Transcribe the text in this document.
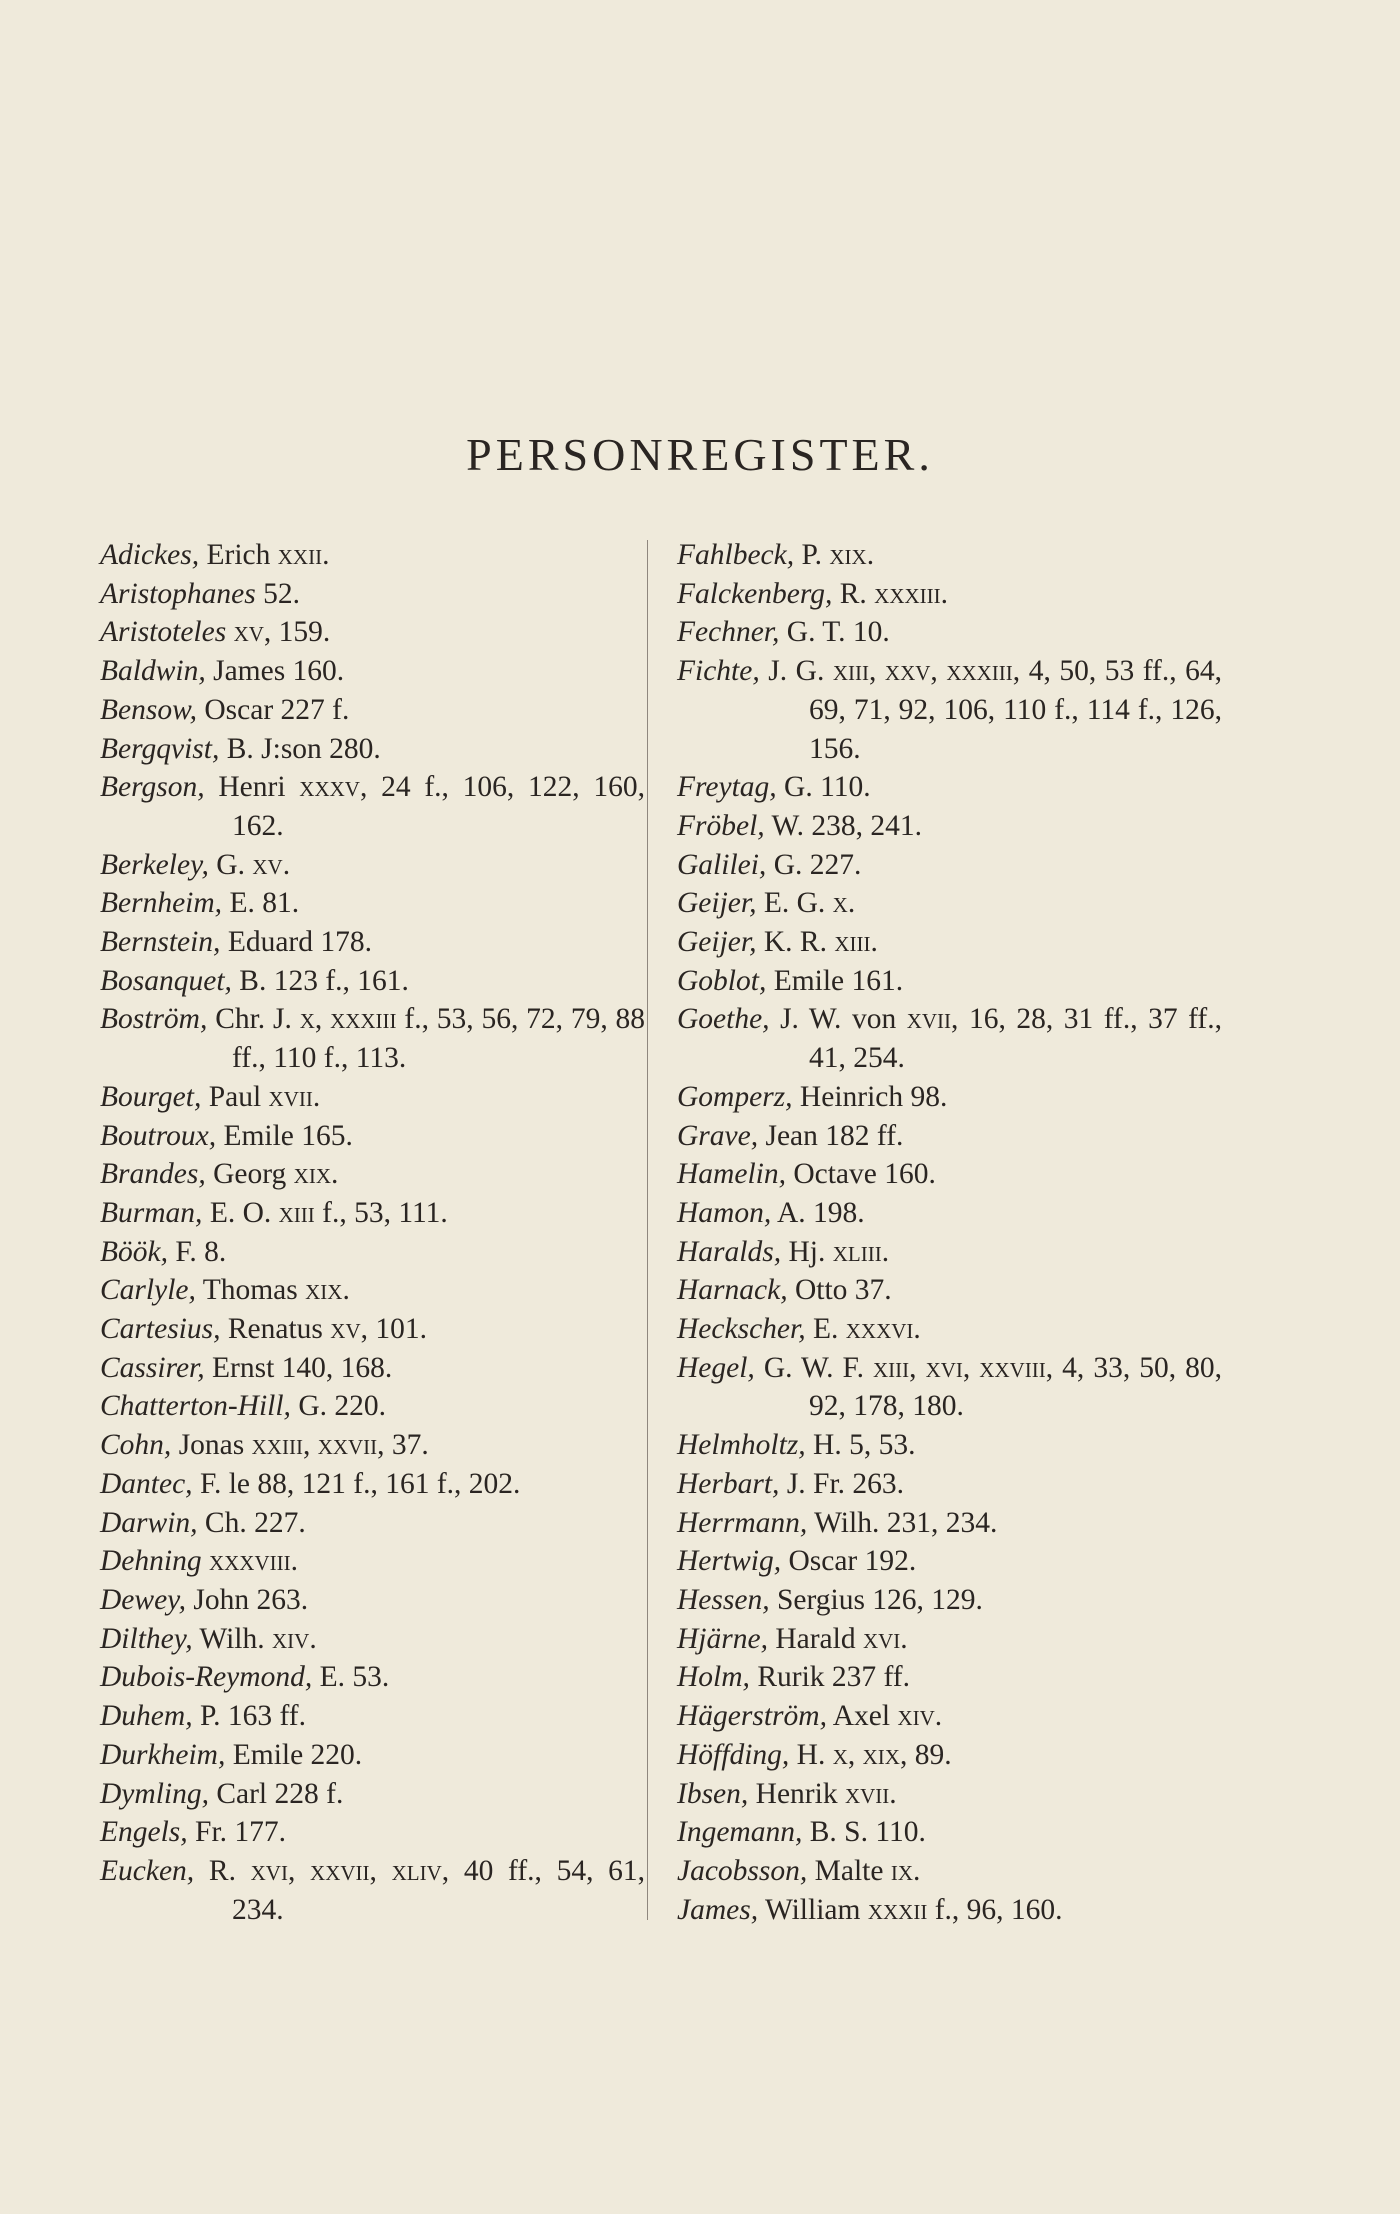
PERSONREGISTER.
Adickes, Erich xxii.
Aristophanes 52.
Aristoteles xv, 159.
Baldwin, James 160.
Bensow, Oscar 227 f.
Bergqvist, B. J:son 280.
Bergson, Henri xxxv, 24 f., 106, 122, 160, 162.
Berkeley, G. xv.
Bernheim, E. 81.
Bernstein, Eduard 178.
Bosanquet, B. 123 f., 161.
Boström, Chr. J. x, xxxiii f., 53, 56, 72, 79, 88 ff., 110 f., 113.
Bourget, Paul xvii.
Boutroux, Emile 165.
Brandes, Georg xix.
Burman, E. O. xiii f., 53, 111.
Böök, F. 8.
Carlyle, Thomas xix.
Cartesius, Renatus xv, 101.
Cassirer, Ernst 140, 168.
Chatterton-Hill, G. 220.
Cohn, Jonas xxiii, xxvii, 37.
Dantec, F. le 88, 121 f., 161 f., 202.
Darwin, Ch. 227.
Dehning xxxviii.
Dewey, John 263.
Dilthey, Wilh. xiv.
Dubois-Reymond, E. 53.
Duhem, P. 163 ff.
Durkheim, Emile 220.
Dymling, Carl 228 f.
Engels, Fr. 177.
Eucken, R. xvi, xxvii, xliv, 40 ff., 54, 61, 234.
Fahlbeck, P. xix.
Falckenberg, R. xxxiii.
Fechner, G. T. 10.
Fichte, J. G. xiii, xxv, xxxiii, 4, 50, 53 ff., 64, 69, 71, 92, 106, 110 f., 114 f., 126, 156.
Freytag, G. 110.
Fröbel, W. 238, 241.
Galilei, G. 227.
Geijer, E. G. x.
Geijer, K. R. xiii.
Goblot, Emile 161.
Goethe, J. W. von xvii, 16, 28, 31 ff., 37 ff., 41, 254.
Gomperz, Heinrich 98.
Grave, Jean 182 ff.
Hamelin, Octave 160.
Hamon, A. 198.
Haralds, Hj. xliii.
Harnack, Otto 37.
Heckscher, E. xxxvi.
Hegel, G. W. F. xiii, xvi, xxviii, 4, 33, 50, 80, 92, 178, 180.
Helmholtz, H. 5, 53.
Herbart, J. Fr. 263.
Herrmann, Wilh. 231, 234.
Hertwig, Oscar 192.
Hessen, Sergius 126, 129.
Hjärne, Harald xvi.
Holm, Rurik 237 ff.
Hägerström, Axel xiv.
Höffding, H. x, xix, 89.
Ibsen, Henrik xvii.
Ingemann, B. S. 110.
Jacobsson, Malte ix.
James, William xxxii f., 96, 160.
